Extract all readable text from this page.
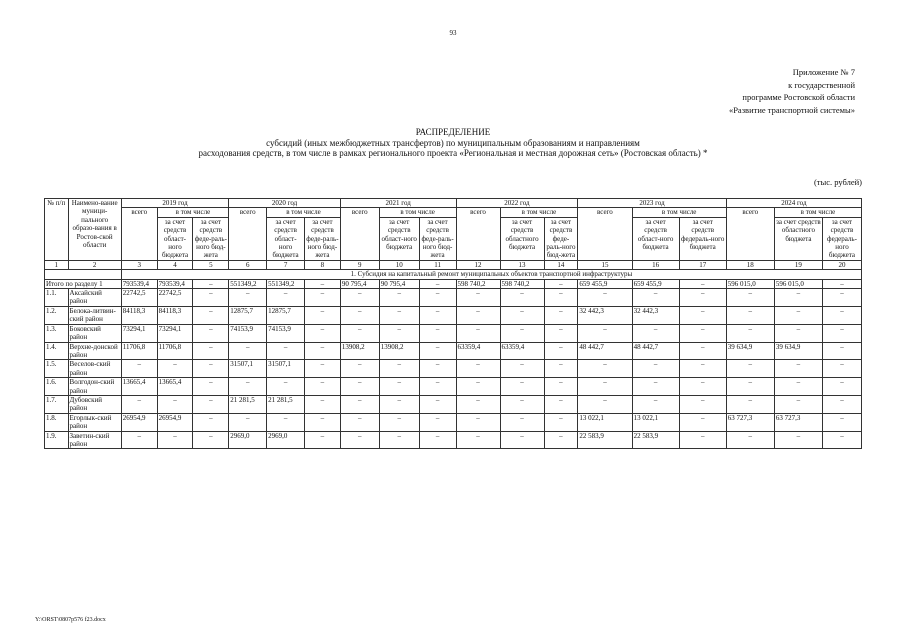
93
Приложение № 7
к государственной
программе Ростовской области
«Развитие транспортной системы»
РАСПРЕДЕЛЕНИЕ
субсидий (иных межбюджетных трансфертов) по муниципальным образованиям и направлениям
расходования средств, в том числе в рамках регионального проекта «Региональная и местная дорожная сеть» (Ростовская область) *
(тыс. рублей)
№ п/п	Наимено-вание муници-пального образо-вания в Ростов-ской области	2019 год			2020 год			2021 год			2022 год			2023 год			2024 год		
		всего	в том числе		всего	в том числе		всего	в том числе		всего	в том числе		всего	в том числе		всего	в том числе	
			за счет средств област-ного бюджета	за счет средств феде-раль-ного бюд-жета		за счет средств област-ного бюджета	за счет средств феде-раль-ного бюд-жета		за счет средств област-ного бюджета	за счет средств феде-раль-ного бюд-жета		за счет средств областного бюджета	за счет средств феде-раль-ного бюд-жета		за счет средств област-ного бюджета	за счет средств федераль-ного бюджета		за счет средств областного бюджета	за счет средств федераль-ного бюджета
1	2	3	4	5	6	7	8	9	10	11	12	13	14	15	16	17	18	19	20
		1. Субсидия на капитальный ремонт муниципальных объектов транспортной инфраструктуры																	
Итого по разделу 1		793539,4	793539,4	–	551349,2	551349,2	–	90 795,4	90 795,4	–	598 740,2	598 740,2	–	659 455,9	659 455,9	–	596 015,0	596 015,0	–
1.1.	Аксайский район	22742,5	22742,5	–	–	–	–	–	–	–	–	–	–	–	–	–	–	–	–
1.2.	Белока-литвин-ский район	84118,3	84118,3	–	12875,7	12875,7	–	–	–	–	–	–	–	32 442,3	32 442,3	–	–	–	–
1.3.	Боковский район	73294,1	73294,1	–	74153,9	74153,9	–	–	–	–	–	–	–	–	–	–	–	–	–
1.4.	Верхне-донской район	11706,8	11706,8	–	–	–	–	13908,2	13908,2	–	63359,4	63359,4	–	48 442,7	48 442,7	–	39 634,9	39 634,9	–
1.5.	Веселов-ский район	–	–	–	31507,1	31507,1	–	–	–	–	–	–	–	–	–	–	–	–	–
1.6.	Волгодон-ский район	13665,4	13665,4	–	–	–	–	–	–	–	–	–	–	–	–	–	–	–	–
1.7.	Дубовский район	–	–	–	21 281,5	21 281,5	–	–	–	–	–	–	–	–	–	–	–	–	–
1.8.	Егорлык-ский район	26954,9	26954,9	–	–	–	–	–	–	–	–	–	–	13 022,1	13 022,1	–	63 727,3	63 727,3	–
1.9.	Заветин-ский район	–	–	–	2969,0	2969,0	–	–	–	–	–	–	–	22 583,9	22 583,9	–	–	–	–
Y:\ORST\0807p576 f23.docx
